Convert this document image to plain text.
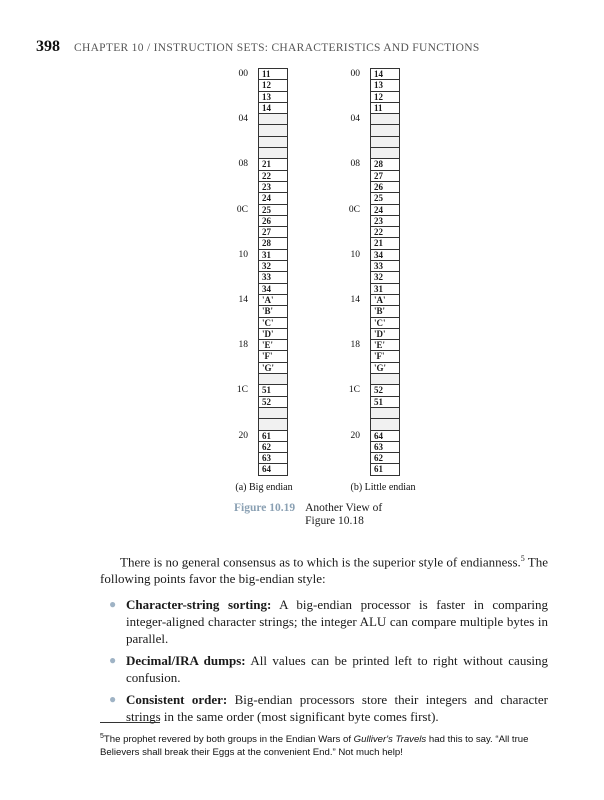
398 CHAPTER 10 / INSTRUCTION SETS: CHARACTERISTICS AND FUNCTIONS
11
12
13
14
21
22
23
24
25
26
27
28
31
32
33
34
'A'
'B'
'C'
'D'
'E'
'F'
'G'
51
52
61
62
63
64
00
04
08
0C
10
14
18
1C
20
14
13
12
11
28
27
26
25
24
23
22
21
34
33
32
31
'A'
'B'
'C'
'D'
'E'
'F'
'G'
52
51
64
63
62
61
00
04
08
0C
10
14
18
1C
20
(a) Big endian	(b) Little endian
Figure 10.19 Another View of Figure 10.18
There is no general consensus as to which is the superior style of endianness.$^5$ The following points favor the big-endian style:
● Character-string sorting: A big-endian processor is faster in comparing integer-aligned character strings; the integer ALU can compare multiple bytes in parallel.
● Decimal/IRA dumps: All values can be printed left to right without causing confusion.
● Consistent order: Big-endian processors store their integers and character strings in the same order (most significant byte comes first).
$^5$The prophet revered by both groups in the Endian Wars of Gulliver's Travels had this to say. “All true Believers shall break their Eggs at the convenient End.” Not much help!
